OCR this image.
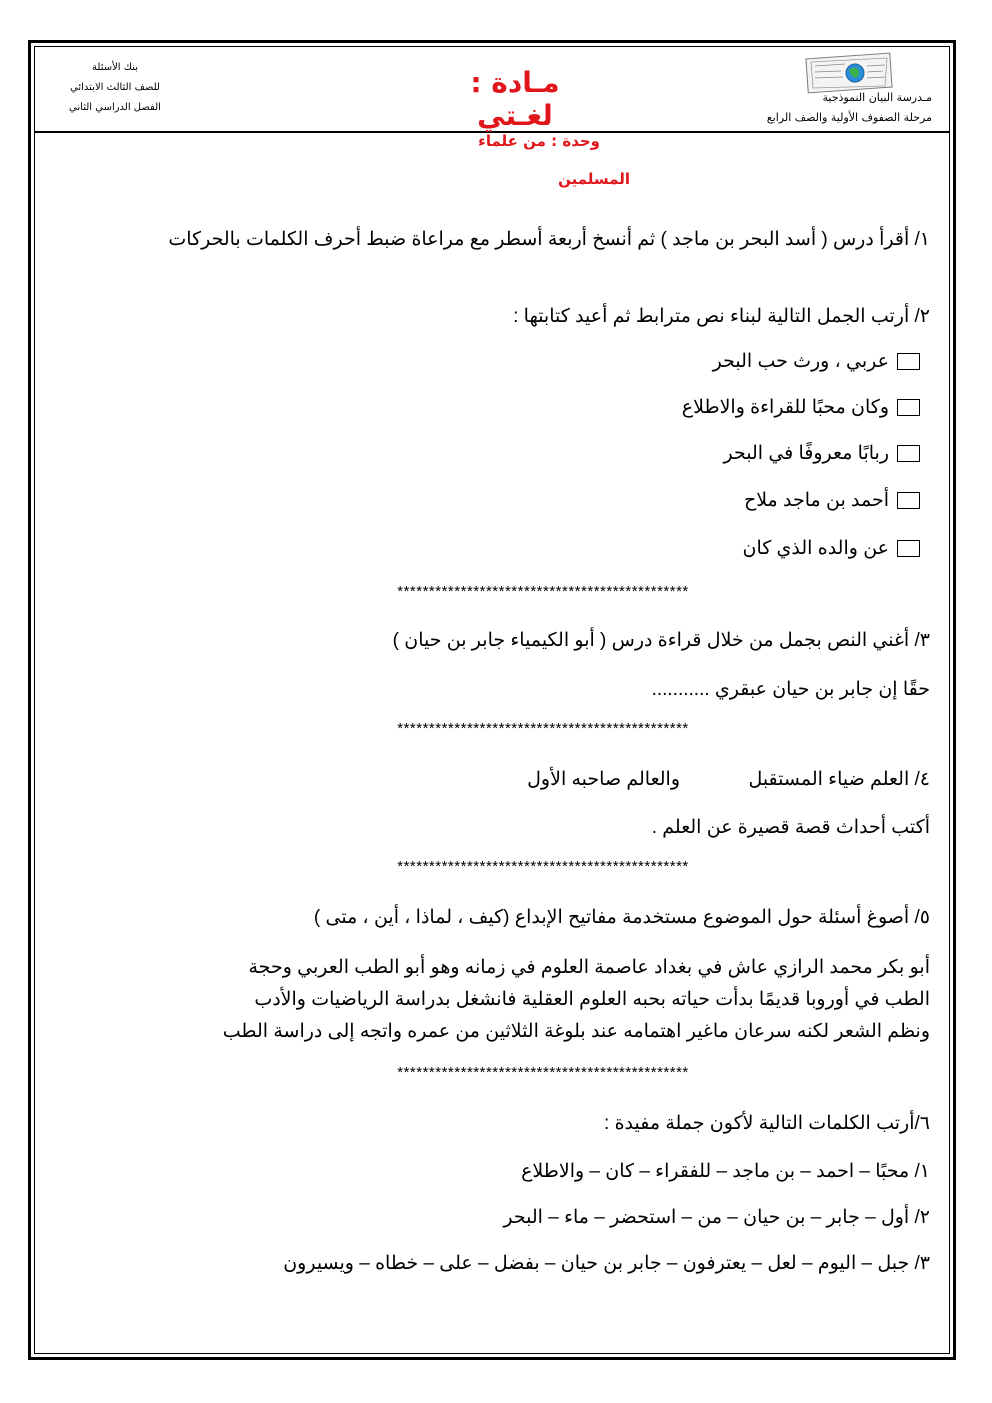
بنك الأسئلة
للصف الثالث الابتدائي
الفصل الدراسي الثاني
مـادة : لغـتي
مـدرسة البيان النموذجية
مرحلة الصفوف الأولية والصف الرابع
وحدة : من علماء
المسلمين
١/ أقرأ درس ( أسد البحر بن ماجد ) ثم أنسخ أربعة أسطر مع مراعاة ضبط أحرف الكلمات بالحركات
٢/ أرتب الجمل التالية لبناء نص مترابط ثم أعيد كتابتها :
عربي ، ورث حب البحر
وكان محبًا للقراءة والاطلاع
ربابًا معروفًا في البحر
أحمد بن ماجد ملاح
عن والده الذي كان
**********************************************
٣/ أغني النص بجمل من خلال قراءة درس ( أبو الكيمياء جابر بن حيان )
حقًا إن جابر بن حيان عبقري ...........
**********************************************
٤/ العلم ضياء المستقبل
والعالم صاحبه الأول
أكتب أحداث قصة قصيرة عن العلم .
**********************************************
٥/ أصوغ أسئلة حول الموضوع مستخدمة مفاتيح الإبداع (كيف ، لماذا ، أين ، متى )
أبو بكر محمد الرازي عاش في بغداد عاصمة العلوم في زمانه وهو أبو الطب العربي وحجة
الطب في أوروبا قديمًا بدأت حياته بحبه العلوم العقلية فانشغل بدراسة الرياضيات والأدب
ونظم الشعر لكنه سرعان ماغير اهتمامه عند بلوغة الثلاثين من عمره واتجه إلى دراسة الطب
**********************************************
٦/أرتب الكلمات التالية لأكون جملة مفيدة :
١/ محبًا – احمد – بن ماجد – للفقراء – كان – والاطلاع
٢/ أول – جابر – بن حيان – من – استحضر – ماء – البحر
٣/ جبل – اليوم – لعل – يعترفون – جابر بن حيان – بفضل – على – خطاه – ويسيرون
